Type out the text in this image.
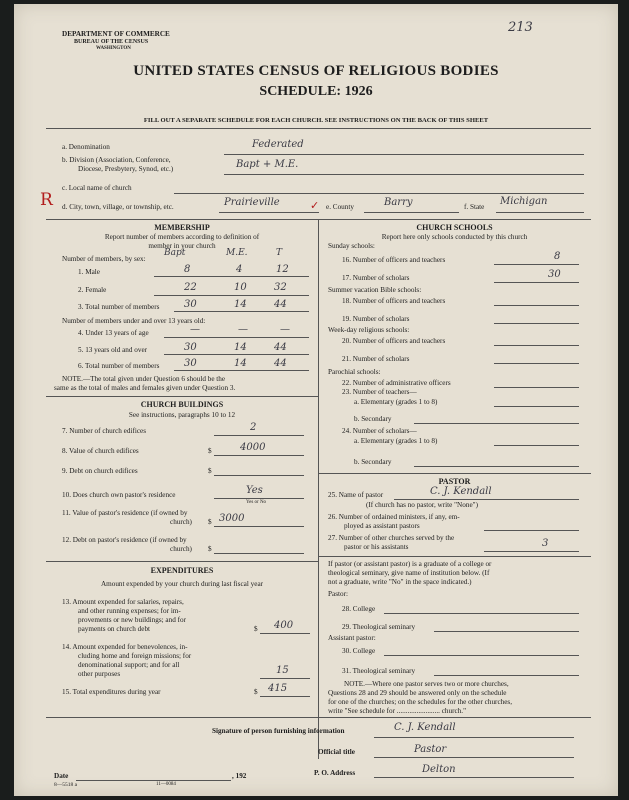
DEPARTMENT OF COMMERCE
BUREAU OF THE CENSUS
WASHINGTON
213
UNITED STATES CENSUS OF RELIGIOUS BODIES
SCHEDULE: 1926
FILL OUT A SEPARATE SCHEDULE FOR EACH CHURCH. SEE INSTRUCTIONS ON THE BACK OF THIS SHEET
a. Denomination	Federated
b. Division (Association, Conference,
Diocese, Presbytery, Synod, etc.)	Bapt + M.E.
c. Local name of church
R d. City, town, village, or township, etc.	Prairieville	✓ e. County	Barry	f. State Michigan
MEMBERSHIP
Report number of members according to definition of
member in your church
Number of members, by sex:
Bapt	M.E.	T
1. Male	8	4	12
2. Female	22	10	32
3. Total number of members 30	14	44
Number of members under and over 13 years old:
4. Under 13 years of age	—	—	—
5. 13 years old and over	30	14	44
6. Total number of members 30	14	44
NOTE.—The total given under Question 6 should be the
same as the total of males and females given under Question 3.
CHURCH BUILDINGS
See instructions, paragraphs 10 to 12
7. Number of church edifices	2
8. Value of church edifices	$	4000
9. Debt on church edifices	$
10. Does church own pastor's residence	Yes
Yes or No
11. Value of pastor's residence (if owned by
church) $ 3000
12. Debt on pastor's residence (if owned by
church) $
EXPENDITURES
Amount expended by your church during last fiscal year
13. Amount expended for salaries, repairs,
and other running expenses; for im-
provements or new buildings; and for
payments on church debt	$ 400
14. Amount expended for benevolences, in-
cluding home and foreign missions; for
denominational support; and for all
other purposes	15
15. Total expenditures during year	$ 415
CHURCH SCHOOLS
Report here only schools conducted by this church
Sunday schools:
16. Number of officers and teachers	8
17. Number of scholars	30
Summer vacation Bible schools:
18. Number of officers and teachers
19. Number of scholars
Week-day religious schools:
20. Number of officers and teachers
21. Number of scholars
Parochial schools:
22. Number of administrative officers
23. Number of teachers—
a. Elementary (grades 1 to 8)
b. Secondary
24. Number of scholars—
a. Elementary (grades 1 to 8)
b. Secondary
PASTOR
25. Name of pastor	C. J. Kendall
(If church has no pastor, write "None")
26. Number of ordained ministers, if any, em-
ployed as assistant pastors
27. Number of other churches served by the
pastor or his assistants	3
If pastor (or assistant pastor) is a graduate of a college or
theological seminary, give name of institution below. (If
not a graduate, write "No" in the space indicated.)
Pastor:
28. College
29. Theological seminary
Assistant pastor:
30. College
31. Theological seminary
NOTE.—Where one pastor serves two or more churches,
Questions 28 and 29 should be answered only on the schedule
for one of the churches; on the schedules for the other churches,
write "See schedule for ........................ church."
Signature of person furnishing information	C. J. Kendall
Official title	Pastor
Date	, 192	P. O. Address	Delton
8—5518 a	11—0084
